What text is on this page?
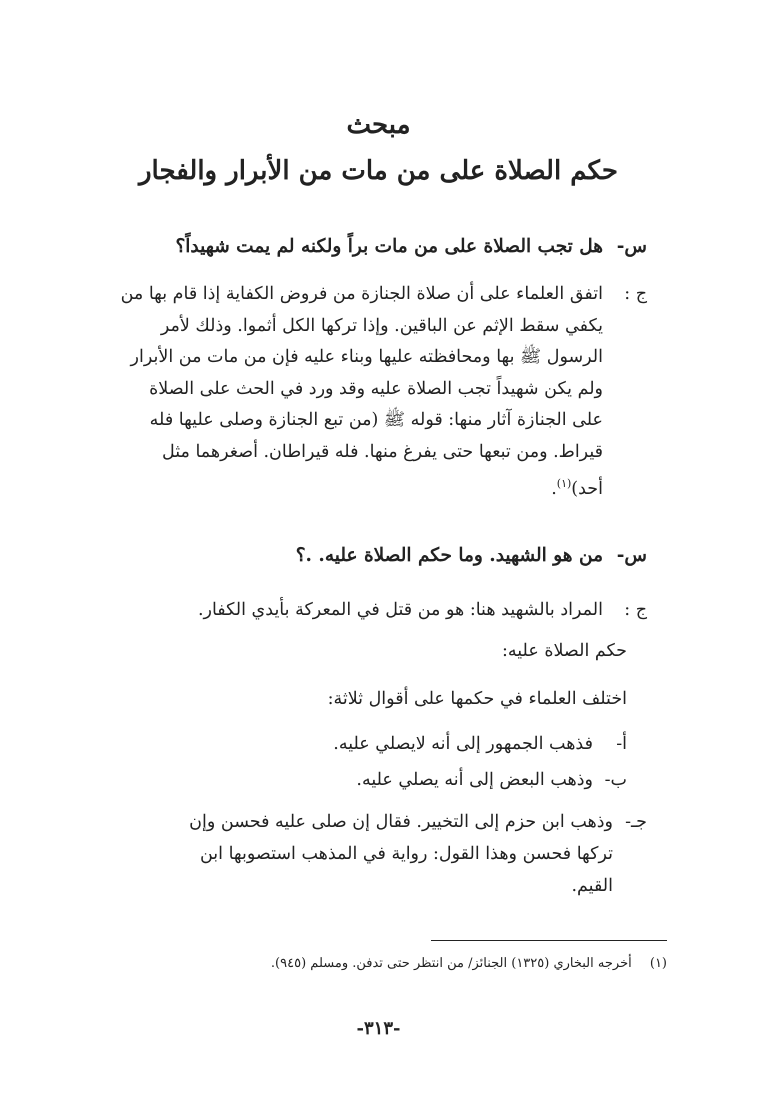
مبحث
حكم الصلاة على من مات من الأبرار والفجار
س-
هل تجب الصلاة على من مات براً ولكنه لم يمت شهيداً؟
ج :
اتفق العلماء على أن صلاة الجنازة من فروض الكفاية إذا قام بها من
يكفي سقط الإثم عن الباقين. وإذا تركها الكل أثموا. وذلك لأمر
الرسول ﷺ بها ومحافظته عليها وبناء عليه فإن من مات من الأبرار
ولم يكن شهيداً تجب الصلاة عليه وقد ورد في الحث على الصلاة
على الجنازة آثار منها: قوله ﷺ (من تبع الجنازة وصلى عليها فله
قيراط. ومن تبعها حتى يفرغ منها. فله قيراطان. أصغرهما مثل
أحد)$^{(١)}$.
س-
من هو الشهيد. وما حكم الصلاة عليه. .؟
ج :
المراد بالشهيد هنا: هو من قتل في المعركة بأيدي الكفار.
حكم الصلاة عليه:
اختلف العلماء في حكمها على أقوال ثلاثة:
أ-
فذهب الجمهور إلى أنه لايصلي عليه.
ب-
وذهب البعض إلى أنه يصلي عليه.
جـ-
وذهب ابن حزم إلى التخيير. فقال إن صلى عليه فحسن وإن
تركها فحسن وهذا القول: رواية في المذهب استصوبها ابن
القيم.
(١) أخرجه البخاري (١٣٢٥) الجنائز/ من انتظر حتى تدفن. ومسلم (٩٤٥).
-٣١٣-
